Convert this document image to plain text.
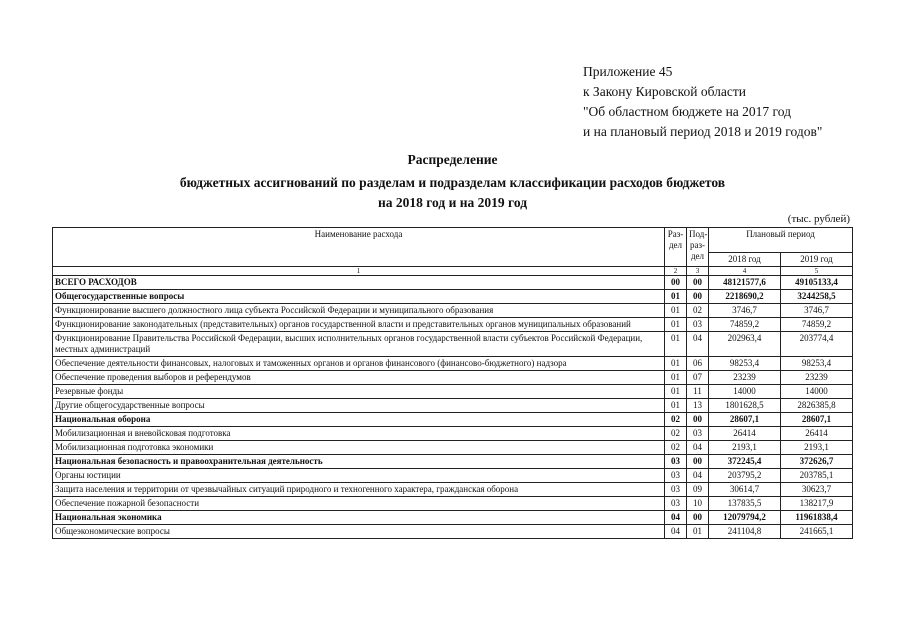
Приложение 45
к Закону Кировской области
"Об областном бюджете на 2017 год
и на плановый период 2018 и 2019 годов"
Распределение
бюджетных ассигнований по разделам и подразделам классификации расходов бюджетов
на 2018 год и на 2019 год
(тыс. рублей)
Наименование расхода	Раз-дел	Под-раз-дел	Плановый период	
			2018 год	2019 год
1	2	3	4	5
ВСЕГО РАСХОДОВ	00	00	48121577,6	49105133,4
Общегосударственные вопросы	01	00	2218690,2	3244258,5
Функционирование высшего должностного лица субъекта Российской Федерации и муниципального образования	01	02	3746,7	3746,7
Функционирование законодательных (представительных) органов государственной власти и представительных органов муниципальных образований	01	03	74859,2	74859,2
Функционирование Правительства Российской Федерации, высших исполнительных органов государственной власти субъектов Российской Федерации, местных администраций	01	04	202963,4	203774,4
Обеспечение деятельности финансовых, налоговых и таможенных органов и органов финансового (финансово-бюджетного) надзора	01	06	98253,4	98253,4
Обеспечение проведения выборов и референдумов	01	07	23239	23239
Резервные фонды	01	11	14000	14000
Другие общегосударственные вопросы	01	13	1801628,5	2826385,8
Национальная оборона	02	00	28607,1	28607,1
Мобилизационная и вневойсковая подготовка	02	03	26414	26414
Мобилизационная подготовка экономики	02	04	2193,1	2193,1
Национальная безопасность и правоохранительная деятельность	03	00	372245,4	372626,7
Органы юстиции	03	04	203795,2	203785,1
Защита населения и территории от чрезвычайных ситуаций природного и техногенного характера, гражданская оборона	03	09	30614,7	30623,7
Обеспечение пожарной безопасности	03	10	137835,5	138217,9
Национальная экономика	04	00	12079794,2	11961838,4
Общеэкономические вопросы	04	01	241104,8	241665,1
